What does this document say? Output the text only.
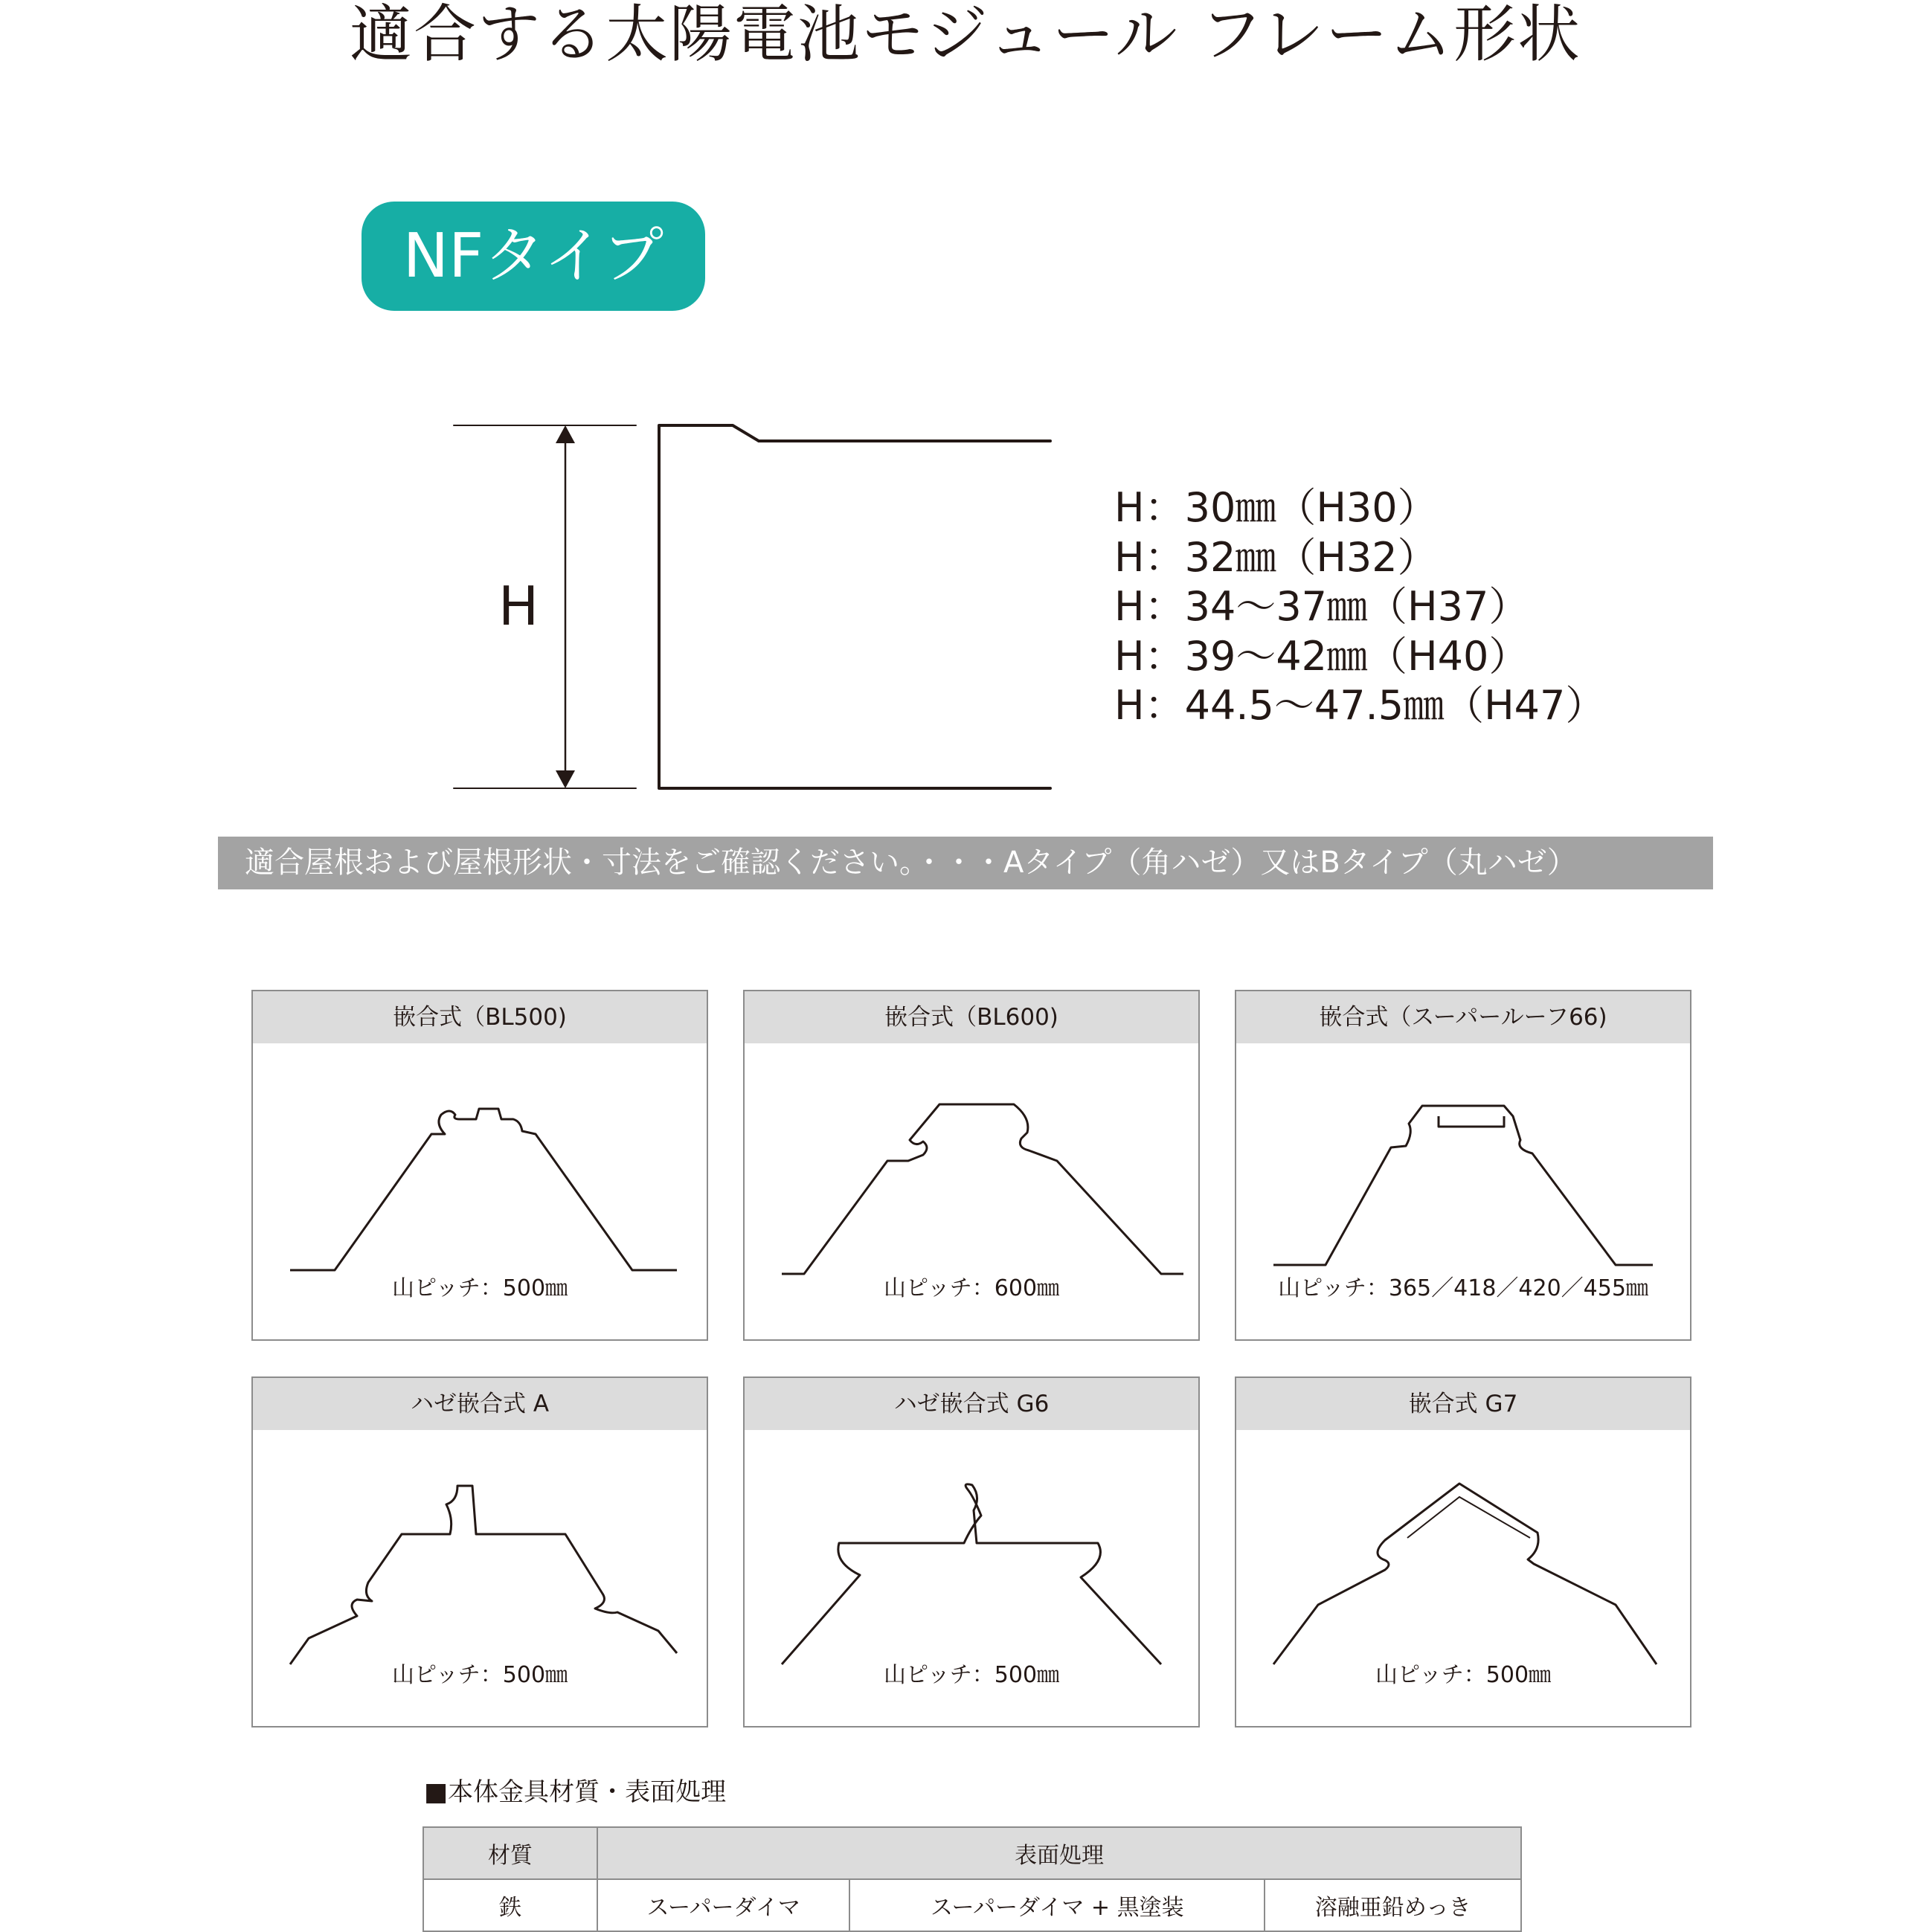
適合する太陽電池モジュール フレーム形状
NFタイプ
H
H：30㎜（H30）
H：32㎜（H32）
H：34～37㎜（H37）
H：39～42㎜（H40）
H：44.5～47.5㎜（H47）
適合屋根および屋根形状・寸法をご確認ください。・・・Aタイプ（角ハゼ）又はBタイプ（丸ハゼ）
嵌合式（BL500)
山ピッチ：500㎜
嵌合式（BL600)
山ピッチ：600㎜
嵌合式（スーパールーフ66)
山ピッチ：365／418／420／455㎜
ハゼ嵌合式 A
山ピッチ：500㎜
ハゼ嵌合式 G6
山ピッチ：500㎜
嵌合式 G7
山ピッチ：500㎜
■本体金具材質・表面処理
材質	表面処理		
鉄	スーパーダイマ	スーパーダイマ + 黒塗装	溶融亜鉛めっき
